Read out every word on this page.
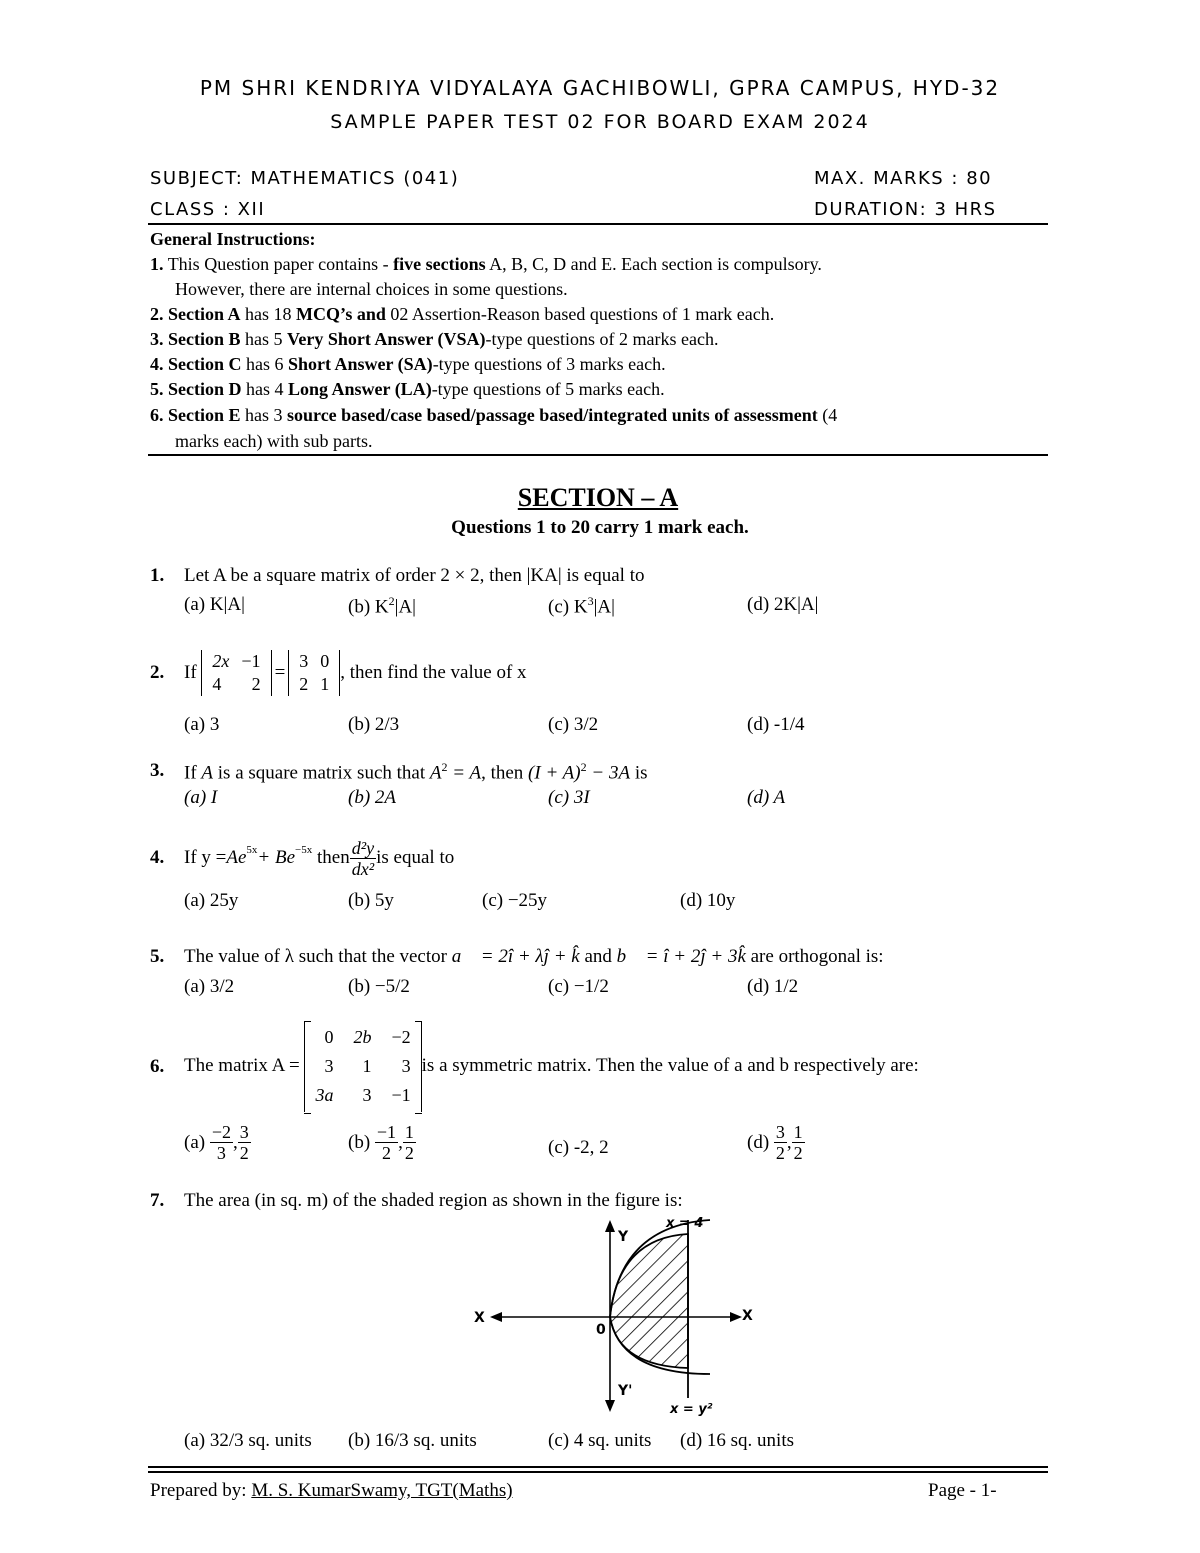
PM SHRI KENDRIYA VIDYALAYA GACHIBOWLI, GPRA CAMPUS, HYD-32
SAMPLE PAPER TEST 02 FOR BOARD EXAM 2024
SUBJECT: MATHEMATICS (041)	MAX. MARKS : 80
CLASS : XII	DURATION: 3 HRS
General Instructions:
1. This Question paper contains - five sections A, B, C, D and E. Each section is compulsory.
However, there are internal choices in some questions.
2. Section A has 18 MCQ’s and 02 Assertion-Reason based questions of 1 mark each.
3. Section B has 5 Very Short Answer (VSA)-type questions of 2 marks each.
4. Section C has 6 Short Answer (SA)-type questions of 3 marks each.
5. Section D has 4 Long Answer (LA)-type questions of 5 marks each.
6. Section E has 3 source based/case based/passage based/integrated units of assessment (4
marks each) with sub parts.
SECTION – A
Questions 1 to 20 carry 1 mark each.
1. Let A be a square matrix of order 2 × 2, then |KA| is equal to
(a) K|A|	(b) $K^2|A|$	(c) $K^3|A|$	(d) 2K|A|
2. If

2x	−1
4	2
=
3	0
2	1
, then find the value of x
(a) 3	(b) 2/3	(c) 3/2	(d) -1/4
3. If A is a square matrix such that $A^2 = A$, then $(I + A)^2 - 3A$ is
(a) I	(b) 2A	(c) 3I	(d) A
4. If $y = Ae^{5x} + Be^{-5x}$
then $\frac{\text{d²y}}{\text{dx²}}$ is equal to
(a) 25y	(b) 5y	(c) −25y	(d) 10y
5. The value of λ such that the vector a⃗ = 2î + λĵ + k̂ and b⃗ = î + 2ĵ + 3k̂ are orthogonal is:
(a) 3/2	(b) −5/2	(c) −1/2	(d) 1/2
6. The matrix A =

0	2b	−2
3	1	3
3a	3	−1
is a symmetric matrix. Then the value of a and b respectively are:
(a)
$\frac{-2}{3}$ , $\frac{3}{2}$	(b)
$\frac{-1}{2}$ , $\frac{1}{2}$	(c) -2, 2	(d)
$\frac{3}{2}$ , $\frac{1}{2}$
7. The area (in sq. m) of the shaded region as shown in the figure is:
x = 4
Y
Y'
X	X
0
x = y²
(a) 32/3 sq. units (b) 16/3 sq. units	(c) 4 sq. units (d) 16 sq. units
Prepared by: M. S. KumarSwamy, TGT(Maths)	Page - 1-
